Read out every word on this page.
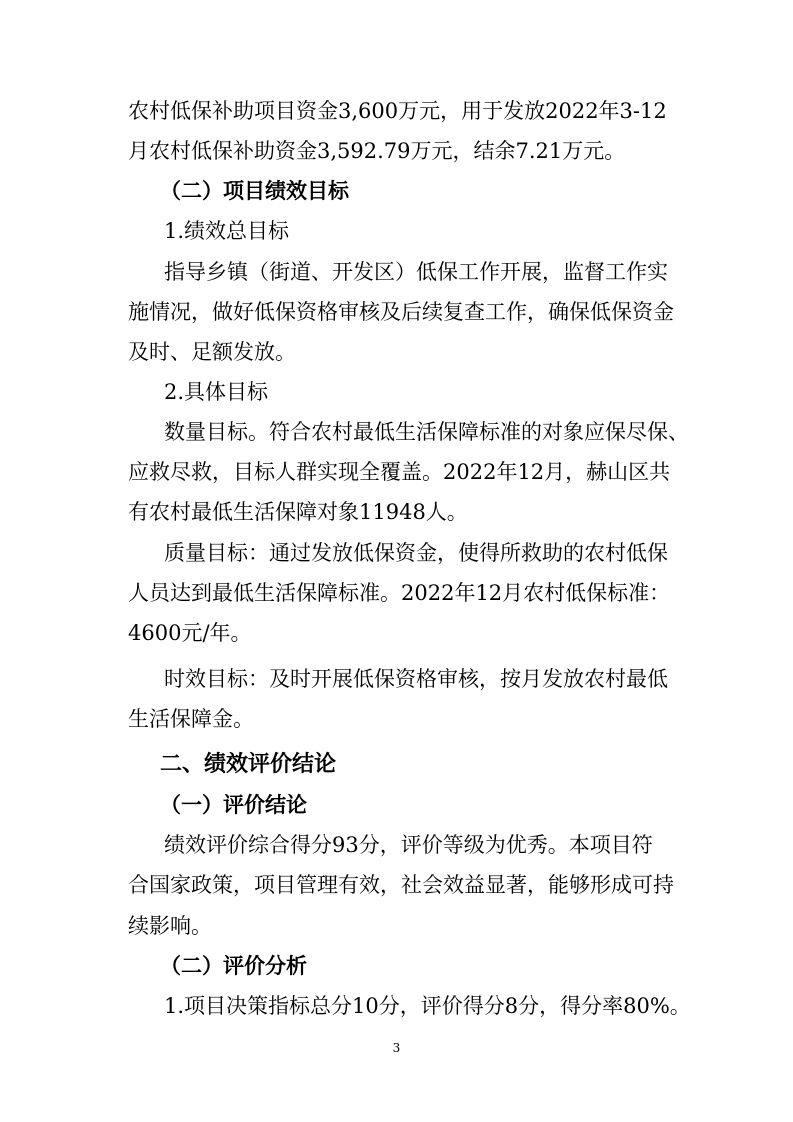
农村低保补助项目资金3,600万元，用于发放2022年3-12
月农村低保补助资金3,592.79万元，结余7.21万元。
（二）项目绩效目标
1.绩效总目标
指导乡镇（街道、开发区）低保工作开展，监督工作实
施情况，做好低保资格审核及后续复查工作，确保低保资金
及时、足额发放。
2.具体目标
数量目标。符合农村最低生活保障标准的对象应保尽保、
应救尽救，目标人群实现全覆盖。2022年12月，赫山区共
有农村最低生活保障对象11948人。
质量目标：通过发放低保资金，使得所救助的农村低保
人员达到最低生活保障标准。2022年12月农村低保标准：
4600元/年。
时效目标：及时开展低保资格审核，按月发放农村最低
生活保障金。
二、绩效评价结论
（一）评价结论
绩效评价综合得分93分，评价等级为优秀。本项目符
合国家政策，项目管理有效，社会效益显著，能够形成可持
续影响。
（二）评价分析
1.项目决策指标总分10分，评价得分8分，得分率80%。
3
